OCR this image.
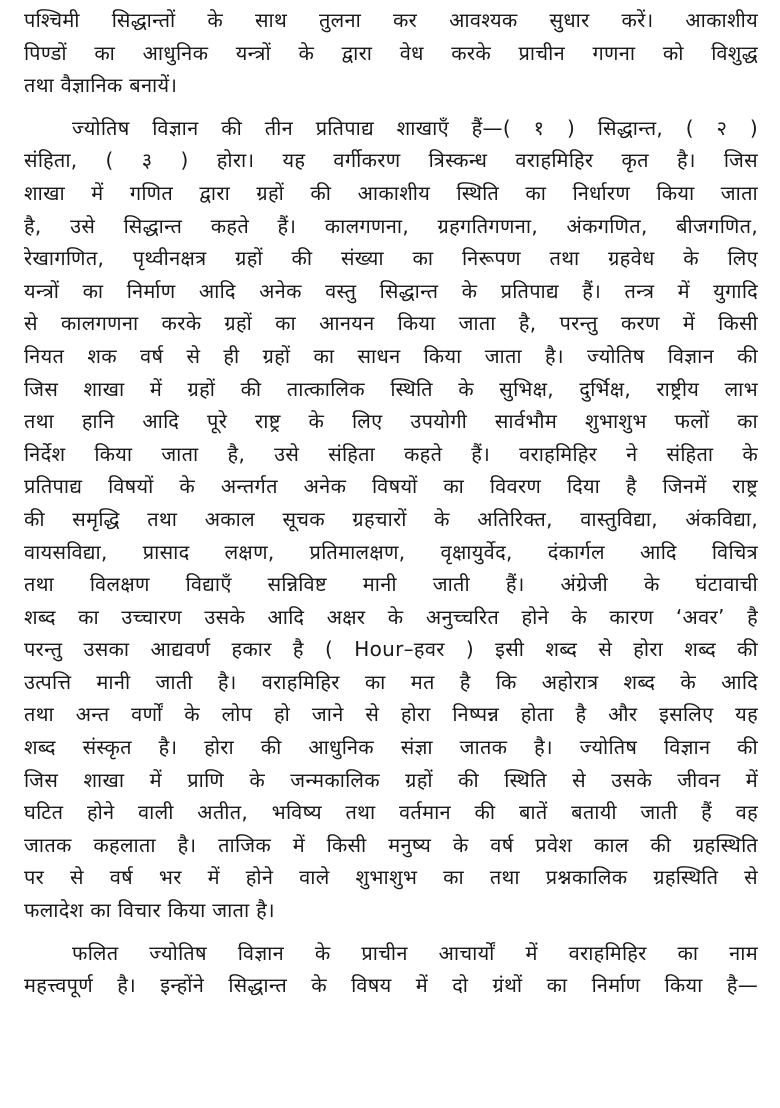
पश्चिमी सिद्धान्तों के साथ तुलना कर आवश्यक सुधार करें। आकाशीय
पिण्डों का आधुनिक यन्त्रों के द्वारा वेध करके प्राचीन गणना को विशुद्ध
तथा वैज्ञानिक बनायें।
ज्योतिष विज्ञान की तीन प्रतिपाद्य शाखाएँ हैं—( १ ) सिद्धान्त, ( २ )
संहिता, ( ३ ) होरा। यह वर्गीकरण त्रिस्कन्ध वराहमिहिर कृत है। जिस
शाखा में गणित द्वारा ग्रहों की आकाशीय स्थिति का निर्धारण किया जाता
है, उसे सिद्धान्त कहते हैं। कालगणना, ग्रहगतिगणना, अंकगणित, बीजगणित,
रेखागणित, पृथ्वीनक्षत्र ग्रहों की संख्या का निरूपण तथा ग्रहवेध के लिए
यन्त्रों का निर्माण आदि अनेक वस्तु सिद्धान्त के प्रतिपाद्य हैं। तन्त्र में युगादि
से कालगणना करके ग्रहों का आनयन किया जाता है, परन्तु करण में किसी
नियत शक वर्ष से ही ग्रहों का साधन किया जाता है। ज्योतिष विज्ञान की
जिस शाखा में ग्रहों की तात्कालिक स्थिति के सुभिक्ष, दुर्भिक्ष, राष्ट्रीय लाभ
तथा हानि आदि पूरे राष्ट्र के लिए उपयोगी सार्वभौम शुभाशुभ फलों का
निर्देश किया जाता है, उसे संहिता कहते हैं। वराहमिहिर ने संहिता के
प्रतिपाद्य विषयों के अन्तर्गत अनेक विषयों का विवरण दिया है जिनमें राष्ट्र
की समृद्धि तथा अकाल सूचक ग्रहचारों के अतिरिक्त, वास्तुविद्या, अंकविद्या,
वायसविद्या, प्रासाद लक्षण, प्रतिमालक्षण, वृक्षायुर्वेद, दंकार्गल आदि विचित्र
तथा विलक्षण विद्याएँ सन्निविष्ट मानी जाती हैं। अंग्रेजी के घंटावाची
शब्द का उच्चारण उसके आदि अक्षर के अनुच्चरित होने के कारण ‘अवर’ है
परन्तु उसका आद्यवर्ण हकार है ( Hour–हवर ) इसी शब्द से होरा शब्द की
उत्पत्ति मानी जाती है। वराहमिहिर का मत है कि अहोरात्र शब्द के आदि
तथा अन्त वर्णों के लोप हो जाने से होरा निष्पन्न होता है और इसलिए यह
शब्द संस्कृत है। होरा की आधुनिक संज्ञा जातक है। ज्योतिष विज्ञान की
जिस शाखा में प्राणि के जन्मकालिक ग्रहों की स्थिति से उसके जीवन में
घटित होने वाली अतीत, भविष्य तथा वर्तमान की बातें बतायी जाती हैं वह
जातक कहलाता है। ताजिक में किसी मनुष्य के वर्ष प्रवेश काल की ग्रहस्थिति
पर से वर्ष भर में होने वाले शुभाशुभ का तथा प्रश्नकालिक ग्रहस्थिति से
फलादेश का विचार किया जाता है।
फलित ज्योतिष विज्ञान के प्राचीन आचार्यों में वराहमिहिर का नाम
महत्त्वपूर्ण है। इन्होंने सिद्धान्त के विषय में दो ग्रंथों का निर्माण किया है—
